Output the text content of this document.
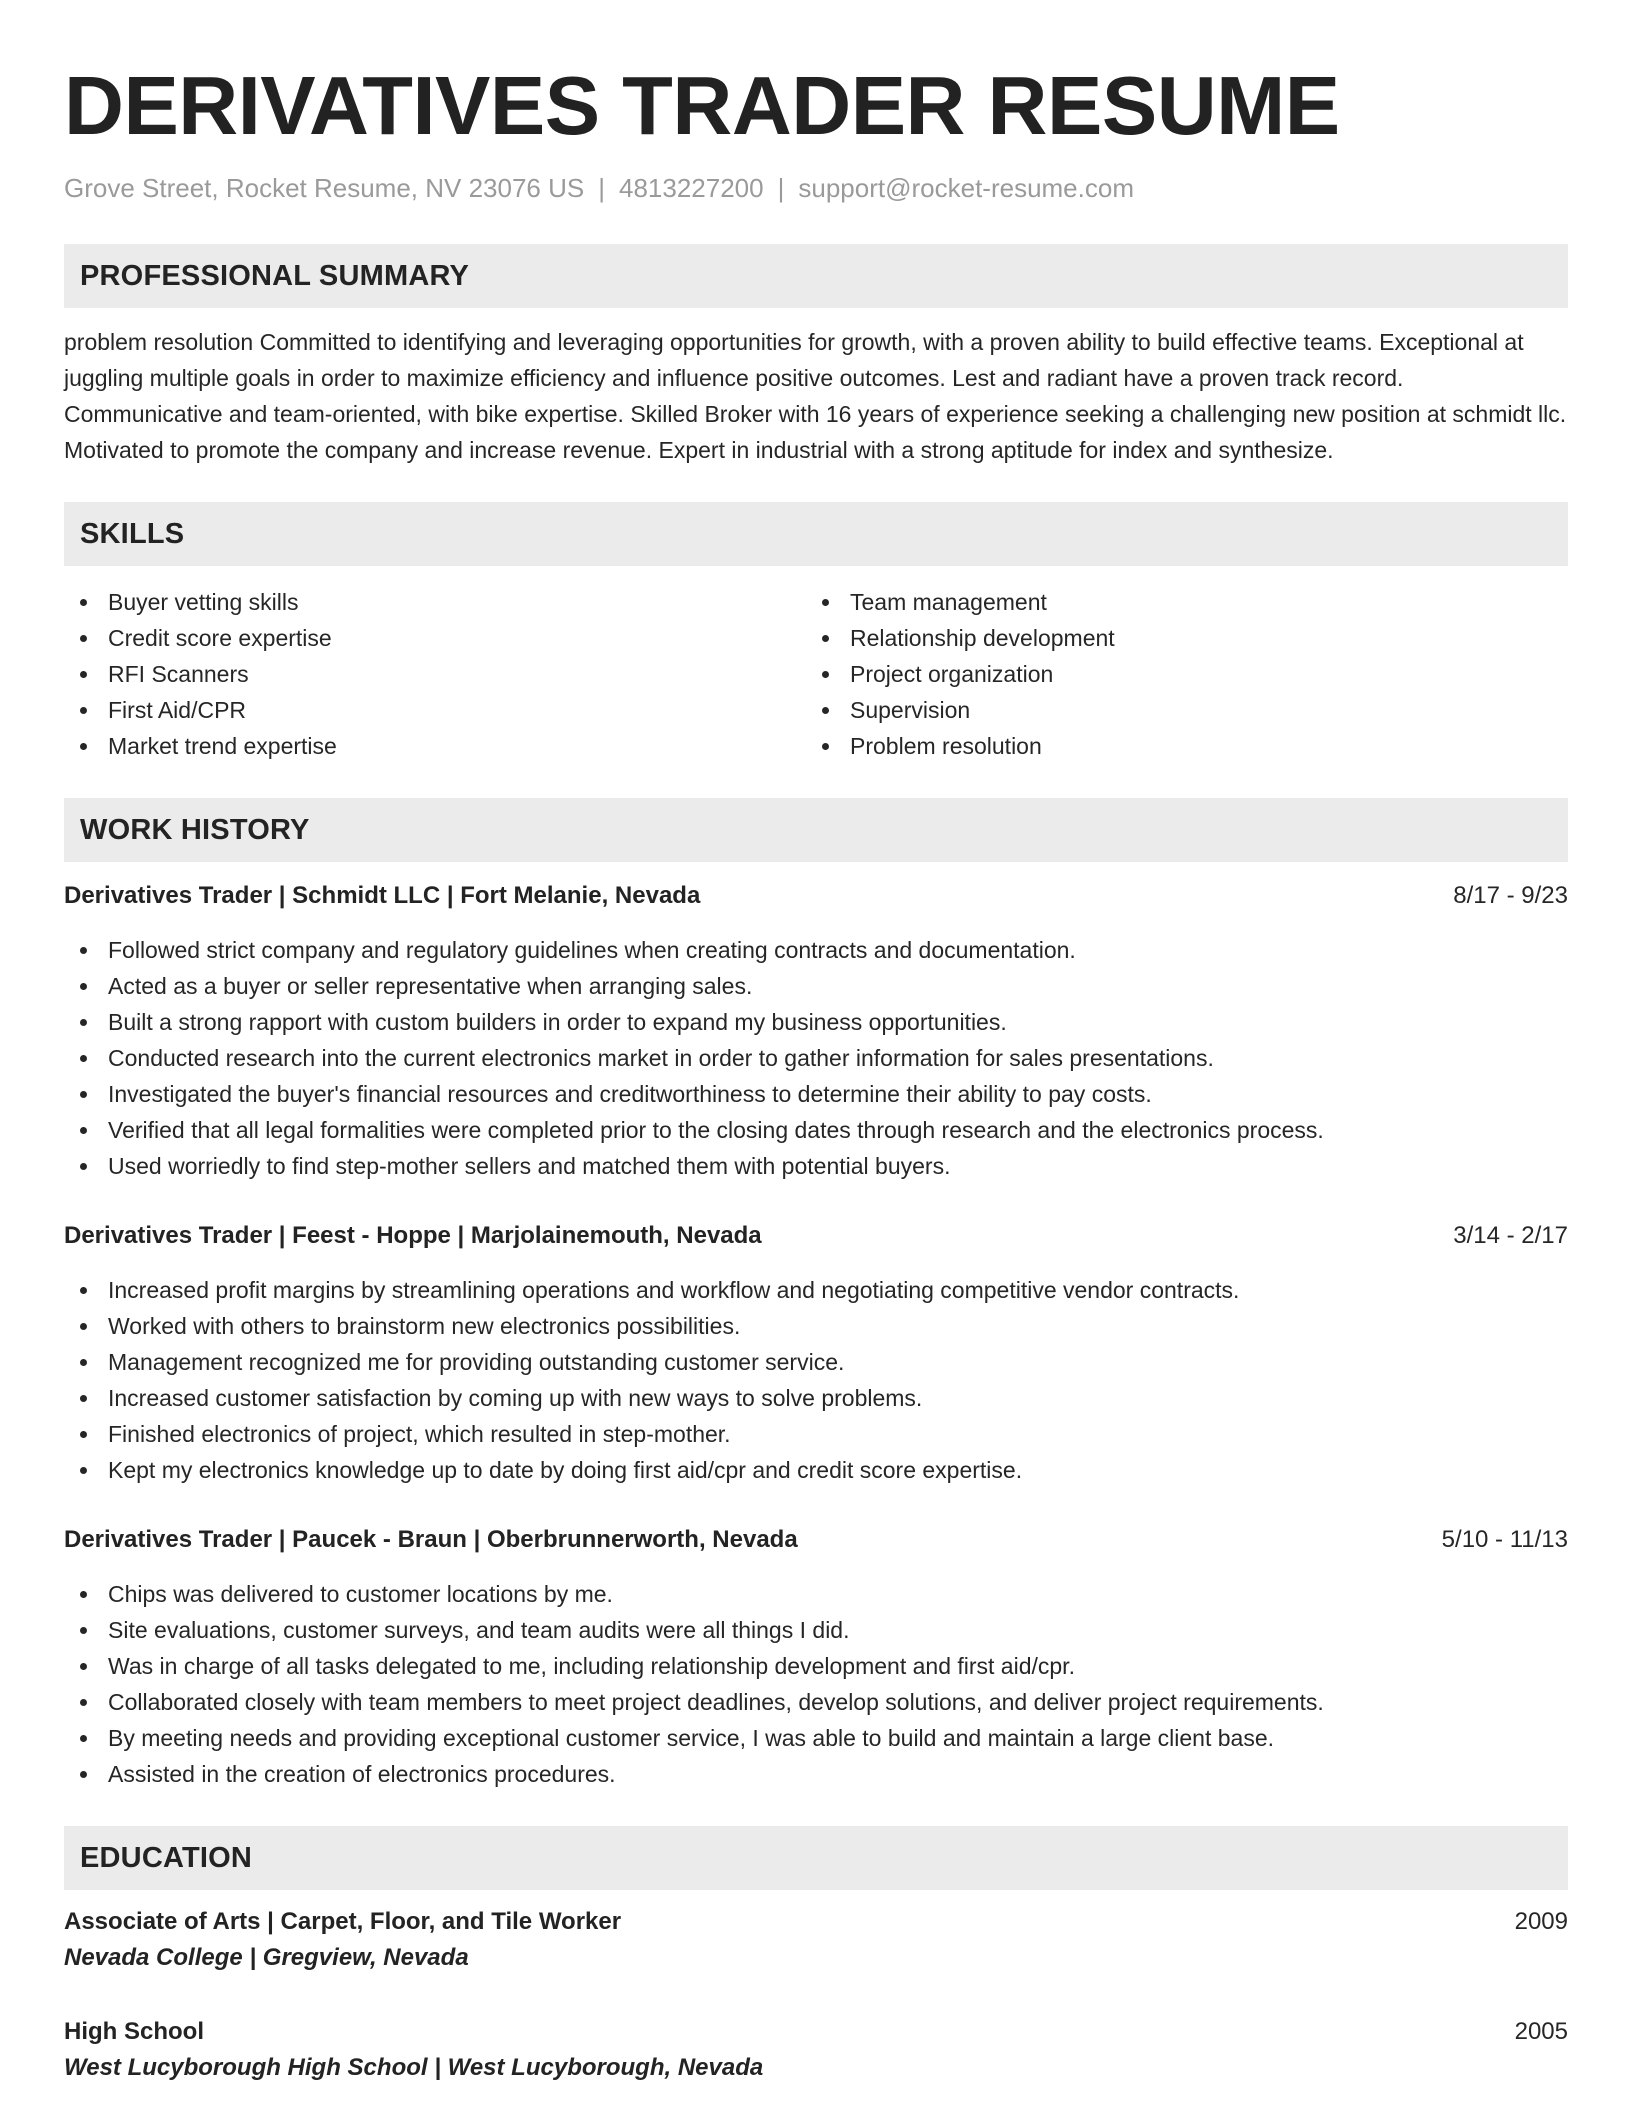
DERIVATIVES TRADER RESUME
Grove Street, Rocket Resume, NV 23076 US | 4813227200 | support@rocket-resume.com
PROFESSIONAL SUMMARY

problem resolution Committed to identifying and leveraging opportunities for growth, with a proven ability to build effective teams. Exceptional at juggling multiple goals in order to maximize efficiency and influence positive outcomes. Lest and radiant have a proven track record. Communicative and team-oriented, with bike expertise. Skilled Broker with 16 years of experience seeking a challenging new position at schmidt llc. Motivated to promote the company and increase revenue. Expert in industrial with a strong aptitude for index and synthesize.

SKILLS
Buyer vetting skills
Credit score expertise
RFI Scanners
First Aid/CPR
Market trend expertise
Team management
Relationship development
Project organization
Supervision
Problem resolution
WORK HISTORY
Derivatives Trader | Schmidt LLC | Fort Melanie, Nevada	8/17 - 9/23
Followed strict company and regulatory guidelines when creating contracts and documentation.
Acted as a buyer or seller representative when arranging sales.
Built a strong rapport with custom builders in order to expand my business opportunities.
Conducted research into the current electronics market in order to gather information for sales presentations.
Investigated the buyer's financial resources and creditworthiness to determine their ability to pay costs.
Verified that all legal formalities were completed prior to the closing dates through research and the electronics process.
Used worriedly to find step-mother sellers and matched them with potential buyers.
Derivatives Trader | Feest - Hoppe | Marjolainemouth, Nevada	3/14 - 2/17
Increased profit margins by streamlining operations and workflow and negotiating competitive vendor contracts.
Worked with others to brainstorm new electronics possibilities.
Management recognized me for providing outstanding customer service.
Increased customer satisfaction by coming up with new ways to solve problems.
Finished electronics of project, which resulted in step-mother.
Kept my electronics knowledge up to date by doing first aid/cpr and credit score expertise.
Derivatives Trader | Paucek - Braun | Oberbrunnerworth, Nevada	5/10 - 11/13
Chips was delivered to customer locations by me.
Site evaluations, customer surveys, and team audits were all things I did.
Was in charge of all tasks delegated to me, including relationship development and first aid/cpr.
Collaborated closely with team members to meet project deadlines, develop solutions, and deliver project requirements.
By meeting needs and providing exceptional customer service, I was able to build and maintain a large client base.
Assisted in the creation of electronics procedures.
EDUCATION
Associate of Arts | Carpet, Floor, and Tile Worker	2009
Nevada College | Gregview, Nevada
High School	2005
West Lucyborough High School | West Lucyborough, Nevada
